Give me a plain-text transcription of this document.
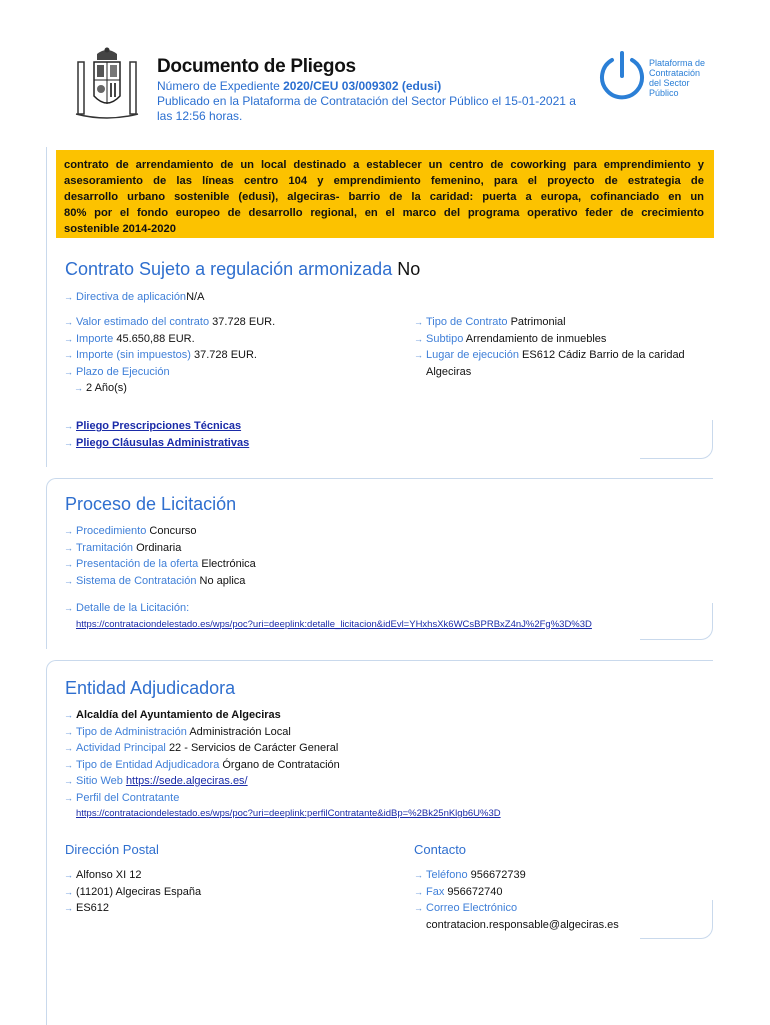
Documento de Pliegos
Número de Expediente 2020/CEU 03/009302 (edusi)
Publicado en la Plataforma de Contratación del Sector Público el 15-01-2021 a
las 12:56 horas.
Plataforma de
Contratación
del Sector
Público
contrato de arrendamiento de un local destinado a establecer un centro de coworking para emprendimiento y
asesoramiento de las líneas centro 104 y emprendimiento femenino, para el proyecto de estrategia de
desarrollo urbano sostenible (edusi), algeciras- barrio de la caridad: puerta a europa, cofinanciado en un
80% por el fondo europeo de desarrollo regional, en el marco del programa operativo feder de crecimiento
sostenible 2014-2020
Contrato Sujeto a regulación armonizada No
→ Directiva de aplicaciónN/A
→ Valor estimado del contrato 37.728 EUR.
→ Importe 45.650,88 EUR.
→ Importe (sin impuestos) 37.728 EUR.
→ Plazo de Ejecución
→ 2 Año(s)
→ Tipo de Contrato Patrimonial
→ Subtipo Arrendamiento de inmuebles
→ Lugar de ejecución ES612 Cádiz Barrio de la caridad
Algeciras
→ Pliego Prescripciones Técnicas
→ Pliego Cláusulas Administrativas
Proceso de Licitación
→ Procedimiento Concurso
→ Tramitación Ordinaria
→ Presentación de la oferta Electrónica
→ Sistema de Contratación No aplica
→ Detalle de la Licitación:
https://contrataciondelestado.es/wps/poc?uri=deeplink:detalle_licitacion&idEvl=YHxhsXk6WCsBPRBxZ4nJ%2Fg%3D%3D
Entidad Adjudicadora
→ Alcaldía del Ayuntamiento de Algeciras
→ Tipo de Administración Administración Local
→ Actividad Principal 22 - Servicios de Carácter General
→ Tipo de Entidad Adjudicadora Órgano de Contratación
→ Sitio Web https://sede.algeciras.es/
→ Perfil del Contratante
https://contrataciondelestado.es/wps/poc?uri=deeplink:perfilContratante&idBp=%2Bk25nKlgb6U%3D
Dirección Postal
→ Alfonso XI 12
→ (11201) Algeciras España
→ ES612
Contacto
→ Teléfono 956672739
→ Fax 956672740
→ Correo Electrónico
contratacion.responsable@algeciras.es
